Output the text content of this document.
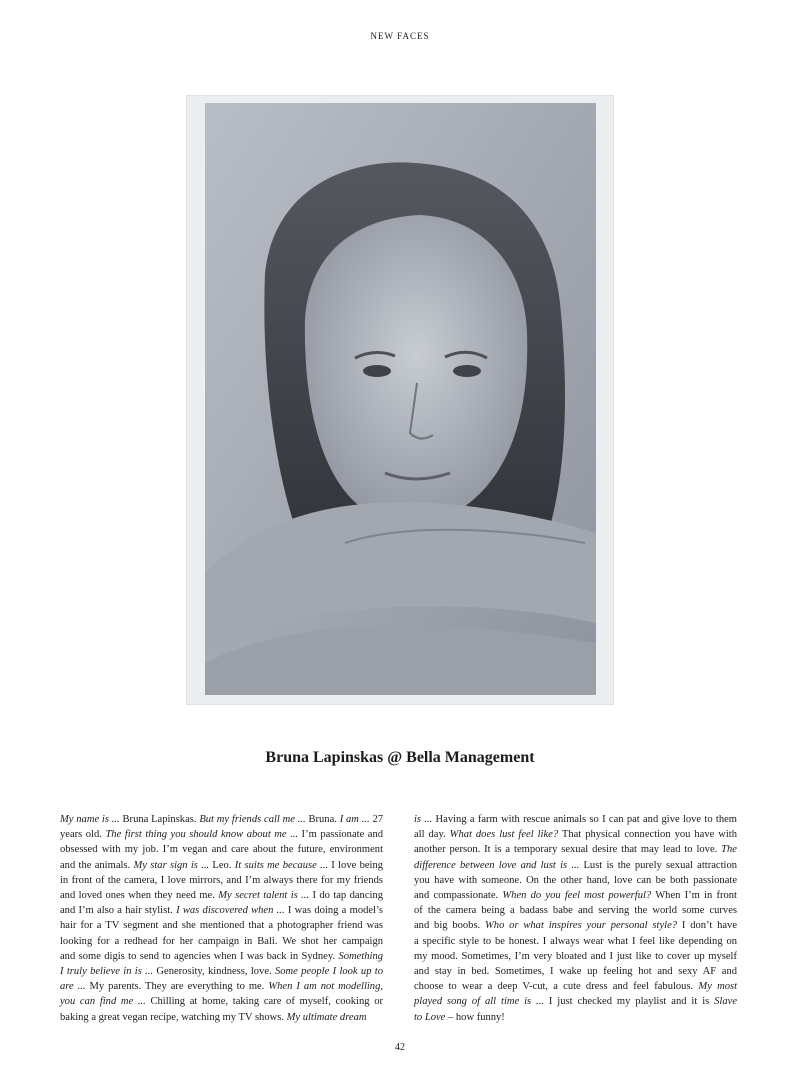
NEW FACES
Bruna Lapinskas @ Bella Management
My name is ... Bruna Lapinskas. But my friends call me ... Bruna. I am ... 27
years old. The first thing you should know about me ... I’m passionate and
obsessed with my job. I’m vegan and care about the future, environment
and the animals. My star sign is ... Leo. It suits me because ... I love being
in front of the camera, I love mirrors, and I’m always there for my friends
and loved ones when they need me. My secret talent is ... I do tap dancing
and I’m also a hair stylist. I was discovered when ... I was doing a model’s
hair for a TV segment and she mentioned that a photographer friend was
looking for a redhead for her campaign in Bali. We shot her campaign
and some digis to send to agencies when I was back in Sydney. Something
I truly believe in is ... Generosity, kindness, love. Some people I look up to
are ... My parents. They are everything to me. When I am not modelling,
you can find me ... Chilling at home, taking care of myself, cooking or
baking a great vegan recipe, watching my TV shows. My ultimate dream
is ... Having a farm with rescue animals so I can pat and give love to them
all day. What does lust feel like? That physical connection you have with
another person. It is a temporary sexual desire that may lead to love. The
difference between love and lust is ... Lust is the purely sexual attraction
you have with someone. On the other hand, love can be both passionate
and compassionate. When do you feel most powerful? When I’m in front
of the camera being a badass babe and serving the world some curves
and big boobs. Who or what inspires your personal style? I don’t have
a specific style to be honest. I always wear what I feel like depending on
my mood. Sometimes, I’m very bloated and I just like to cover up myself
and stay in bed. Sometimes, I wake up feeling hot and sexy AF and
choose to wear a deep V-cut, a cute dress and feel fabulous. My most
played song of all time is ... I just checked my playlist and it is Slave
to Love – how funny!
42
